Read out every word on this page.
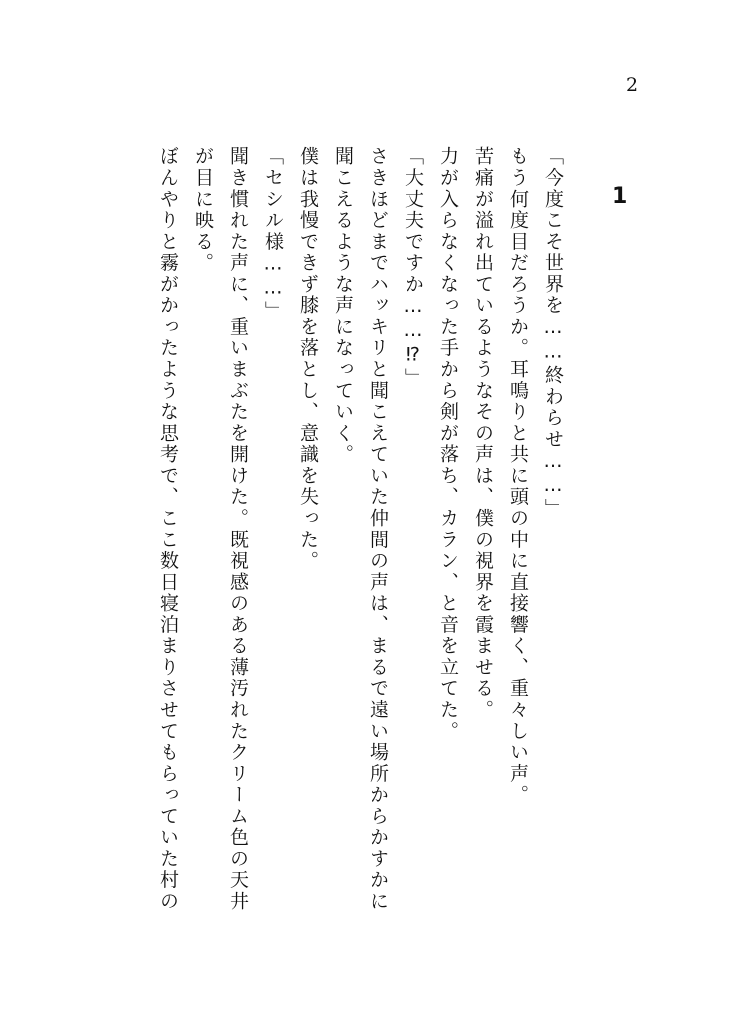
2
1
「今度こそ世界を……終わらせ……」
もう何度目だろうか。耳鳴りと共に頭の中に直接響く、重々しい声。
苦痛が溢れ出ているようなその声は、僕の視界を霞ませる。
力が入らなくなった手から剣が落ち、カラン、と音を立てた。
「大丈夫ですか……⁉」
さきほどまでハッキリと聞こえていた仲間の声は、まるで遠い場所からかすかに
聞こえるような声になっていく。
僕は我慢できず膝を落とし、意識を失った。
「セシル様……」
聞き慣れた声に、重いまぶたを開けた。既視感のある薄汚れたクリーム色の天井
が目に映る。
ぼんやりと霧がかったような思考で、ここ数日寝泊まりさせてもらっていた村の
